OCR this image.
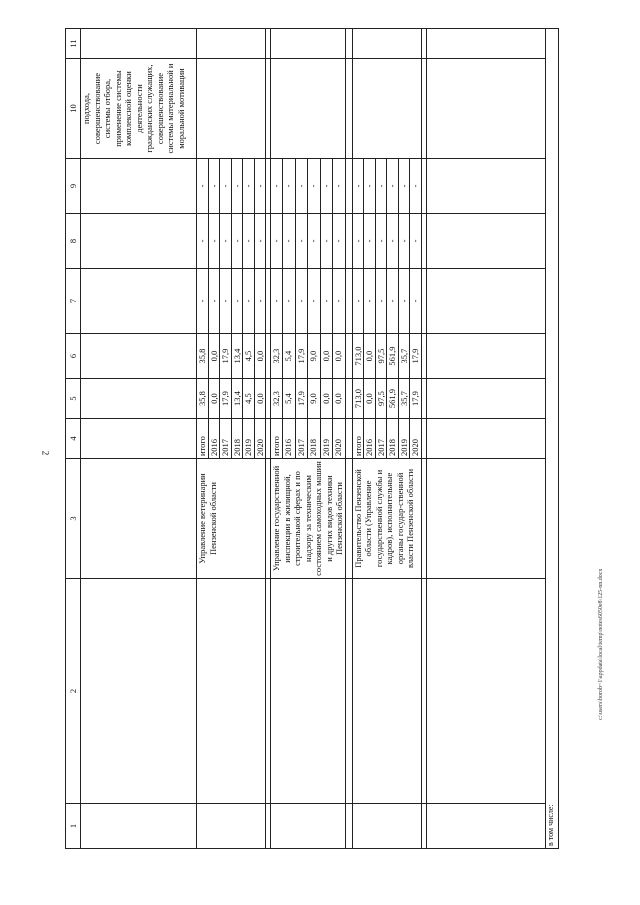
2
c:\users\borob~1\appdata\local\temp\notes6050e8\125-nn.docx
1	2	3	4	5	6	7	8	9	10	11
									подхода, совершенствование системы отбора, применение системы комплексной оценки деятельности гражданских служащих, совершенствование системы материальной и моральной мотивации	
		Управление ветеринарии Пензенской области	итого	35,8	35,8	-	-	-		
			2016	0,0	0,0	-	-	-		
			2017	17,9	17,9	-	-	-		
			2018	13,4	13,4	-	-	-		
			2019	4,5	4,5	-	-	-		
			2020	0,0	0,0	-	-	-		

		Управление государственной инспекции в жилищной, строительной сферах и по надзору за техническим состоянием самоходных машин и других видов техники Пензенской области	итого	32,3	32,3	-	-	-		
			2016	5,4	5,4	-	-	-		
			2017	17,9	17,9	-	-	-		
			2018	9,0	9,0	-	-	-		
			2019	0,0	0,0	-	-	-		
			2020	0,0	0,0	-	-	-		

		Правительство Пензенской области (Управление государственной службы и кадров), исполнительные органы государ-ственной власти Пензенской области	итого	713,0	713,0	-	-	-		
			2016	0,0	0,0	-	-	-		
			2017	97,5	97,5	-	-	-		
			2018	561,9	561,9	-	-	-		
			2019	35,7	35,7	-	-	-		
			2020	17,9	17,9	-	-	-		

в том числе:										
